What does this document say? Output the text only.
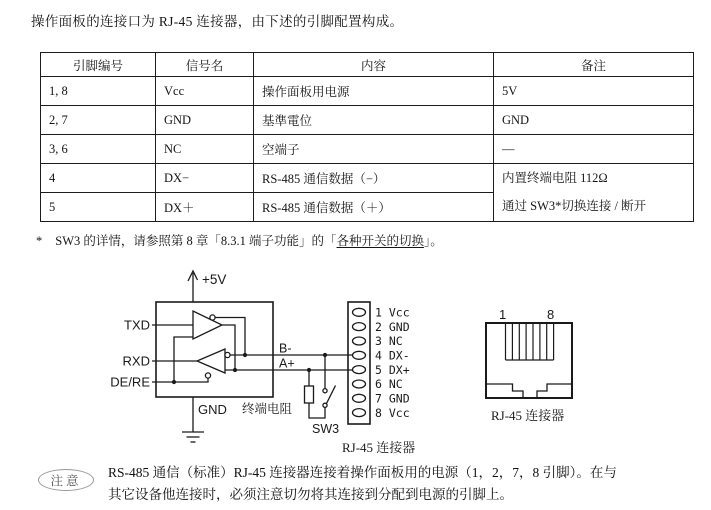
操作面板的连接口为 RJ-45 连接器，由下述的引脚配置构成。
引脚编号	信号名	内容	备注
1, 8	Vcc	操作面板用电源	5V
2, 7	GND	基準電位	GND
3, 6	NC	空端子	—
4	DX−	RS-485 通信数据（−）	内置终端电阻 112Ω
通过 SW3*切换连接 / 断开

5	DX＋	RS-485 通信数据（＋）	
* SW3 的详情，请参照第 8 章「8.3.1 端子功能」的「各种开关的切换」。
+5V
TXD
RXD
DE/RE
GND
B-
A+
终端电阻
SW3
1 Vcc
2 GND
3 NC
4 DX-
5 DX+
6 NC
7 GND
8 Vcc
RJ-45 连接器
1	8
RJ-45 连接器
注意
RS-485 通信（标准）RJ-45 连接器连接着操作面板用的电源（1，2，7，8 引脚）。在与
其它设备他连接时，必须注意切勿将其连接到分配到电源的引脚上。
